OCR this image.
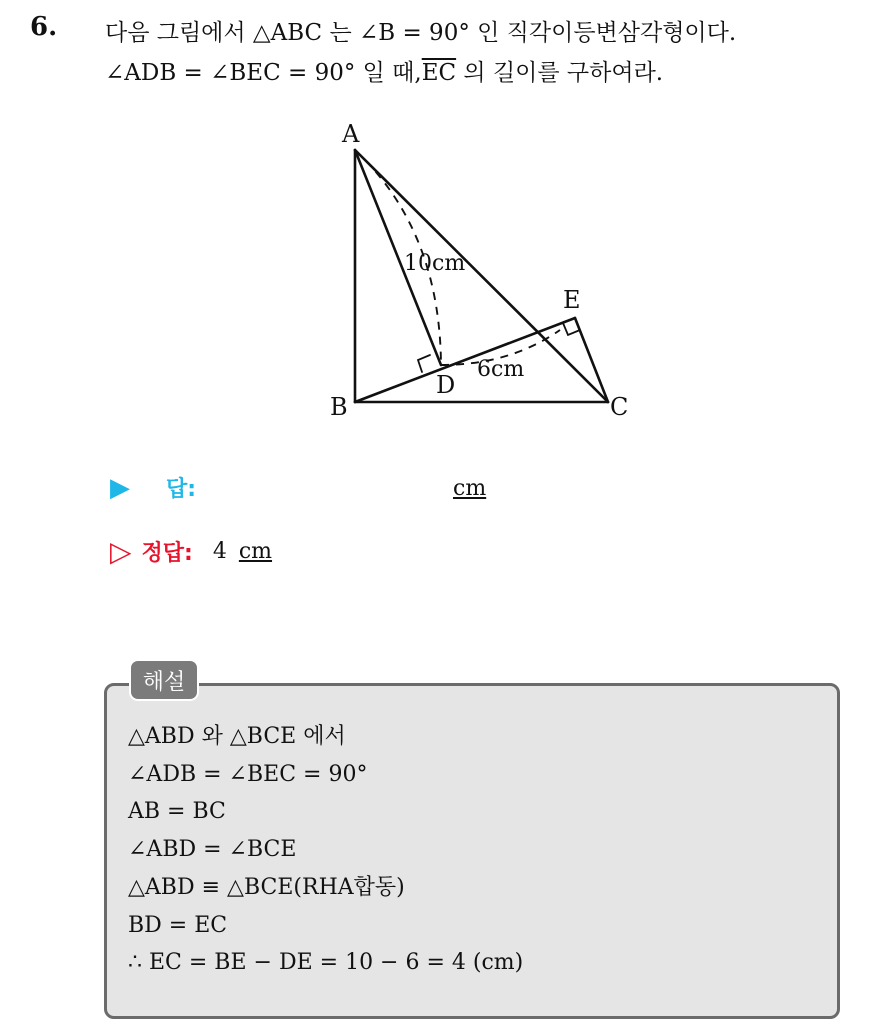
6. 다음 그림에서 △ABC 는 ∠B = 90° 인 직각이등변삼각형이다.
∠ADB = ∠BEC = 90° 일 때$,\overline{EC}$ 의 길이를 구하여라.
A
B	C
D
E
10cm
6cm
▶ 답:	cm
▷ 정답: 4 cm
해설
△ABD 와 △BCE 에서
∠ADB = ∠BEC = 90°
AB = BC
∠ABD = ∠BCE
△ABD ≡ △BCE(RHA합동)
BD = EC
∴ EC = BE − DE = 10 − 6 = 4 (cm)
